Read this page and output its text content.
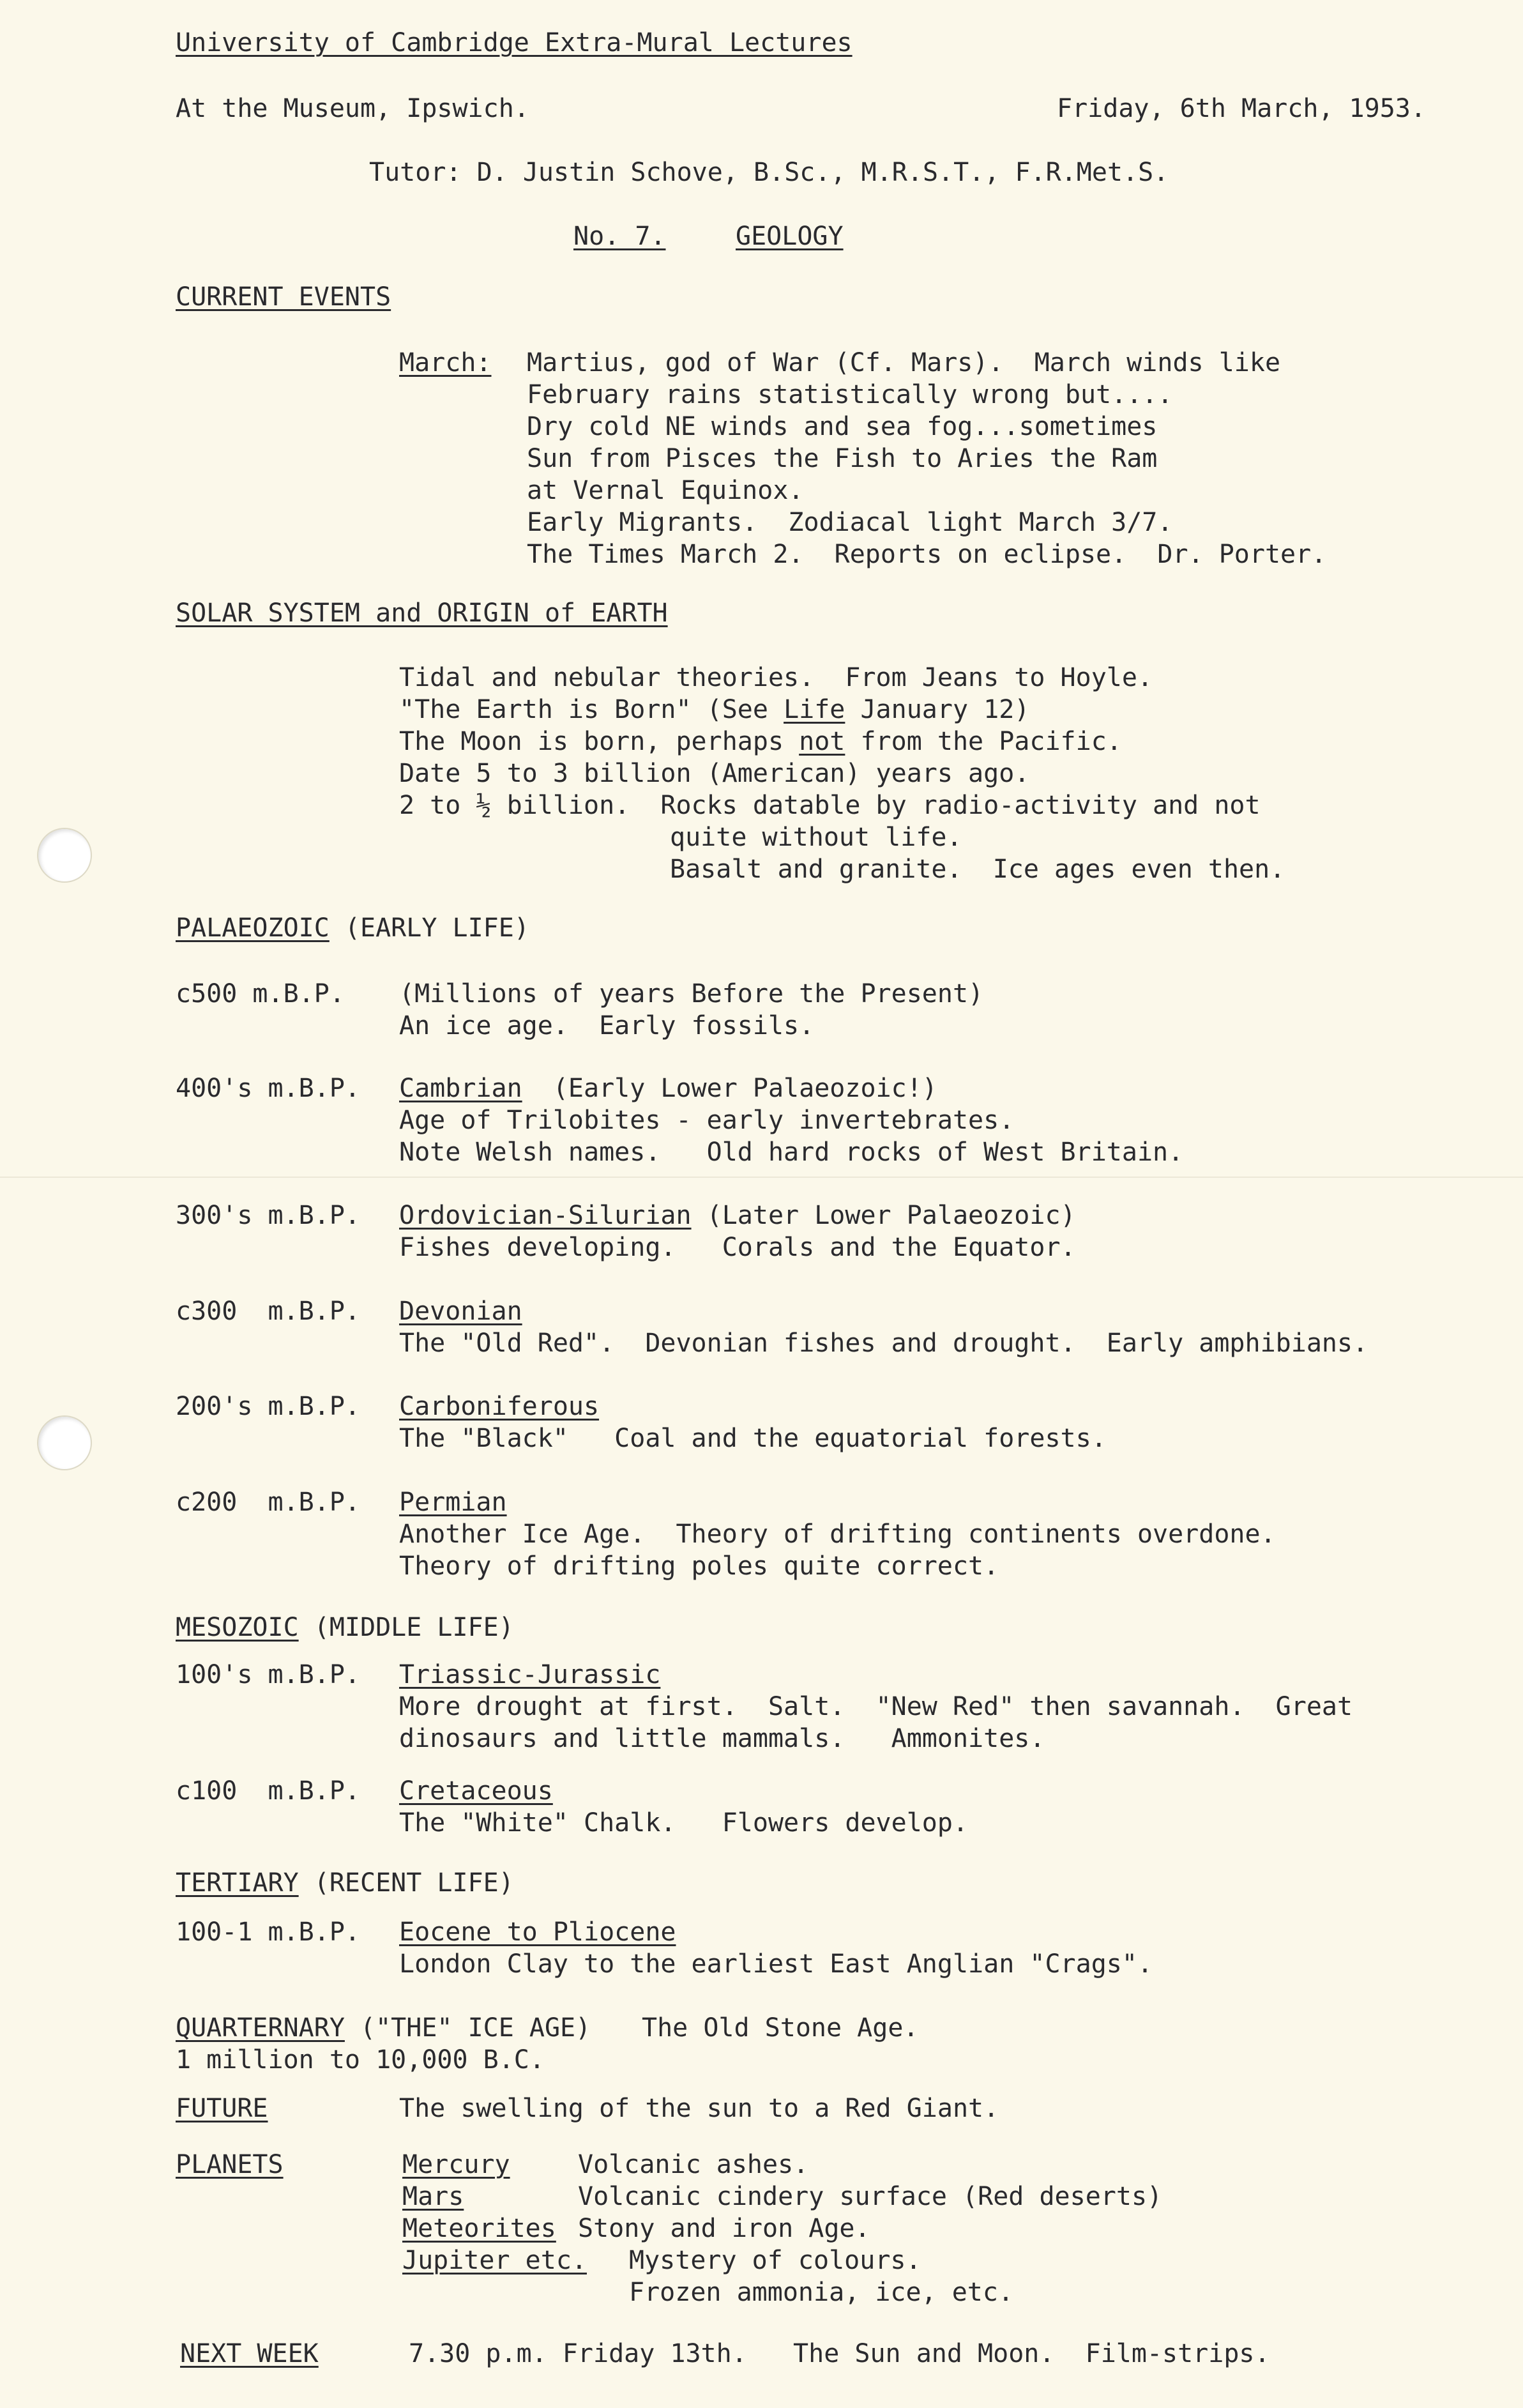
University of Cambridge Extra-Mural Lectures
At the Museum, Ipswich.	Friday, 6th March, 1953.
Tutor: D. Justin Schove, B.Sc., M.R.S.T., F.R.Met.S.
No. 7.	GEOLOGY
CURRENT EVENTS
March: Martius, god of War (Cf. Mars).  March winds like
February rains statistically wrong but....
Dry cold NE winds and sea fog...sometimes
Sun from Pisces the Fish to Aries the Ram
at Vernal Equinox.
Early Migrants.  Zodiacal light March 3/7.
The Times March 2.  Reports on eclipse.  Dr. Porter.
SOLAR SYSTEM and ORIGIN of EARTH
Tidal and nebular theories.  From Jeans to Hoyle.
"The Earth is Born" (See Life January 12)
The Moon is born, perhaps not from the Pacific.
Date 5 to 3 billion (American) years ago.
2 to ½ billion.  Rocks datable by radio-activity and not
quite without life.
Basalt and granite.  Ice ages even then.
PALAEOZOIC (EARLY LIFE)
c500 m.B.P. (Millions of years Before the Present)
An ice age.  Early fossils.
400's m.B.P. Cambrian  (Early Lower Palaeozoic!)
Age of Trilobites - early invertebrates.
Note Welsh names.   Old hard rocks of West Britain.
300's m.B.P. Ordovician-Silurian (Later Lower Palaeozoic)
Fishes developing.   Corals and the Equator.
c300  m.B.P. Devonian
The "Old Red".  Devonian fishes and drought.  Early amphibians.
200's m.B.P. Carboniferous
The "Black"   Coal and the equatorial forests.
c200  m.B.P. Permian
Another Ice Age.  Theory of drifting continents overdone.
Theory of drifting poles quite correct.
MESOZOIC (MIDDLE LIFE)
100's m.B.P. Triassic-Jurassic
More drought at first.  Salt.  "New Red" then savannah.  Great
dinosaurs and little mammals.   Ammonites.
c100  m.B.P. Cretaceous
The "White" Chalk.   Flowers develop.
TERTIARY (RECENT LIFE)
100-1 m.B.P. Eocene to Pliocene
London Clay to the earliest East Anglian "Crags".
QUARTERNARY ("THE" ICE AGE) The Old Stone Age.
1 million to 10,000 B.C.
FUTURE	The swelling of the sun to a Red Giant.
PLANETS	Mercury	Volcanic ashes.
Mars	Volcanic cindery surface (Red deserts)
Meteorites Stony and iron Age.
Jupiter etc. Mystery of colours.
Frozen ammonia, ice, etc.
NEXT WEEK	7.30 p.m. Friday 13th.   The Sun and Moon.  Film-strips.
